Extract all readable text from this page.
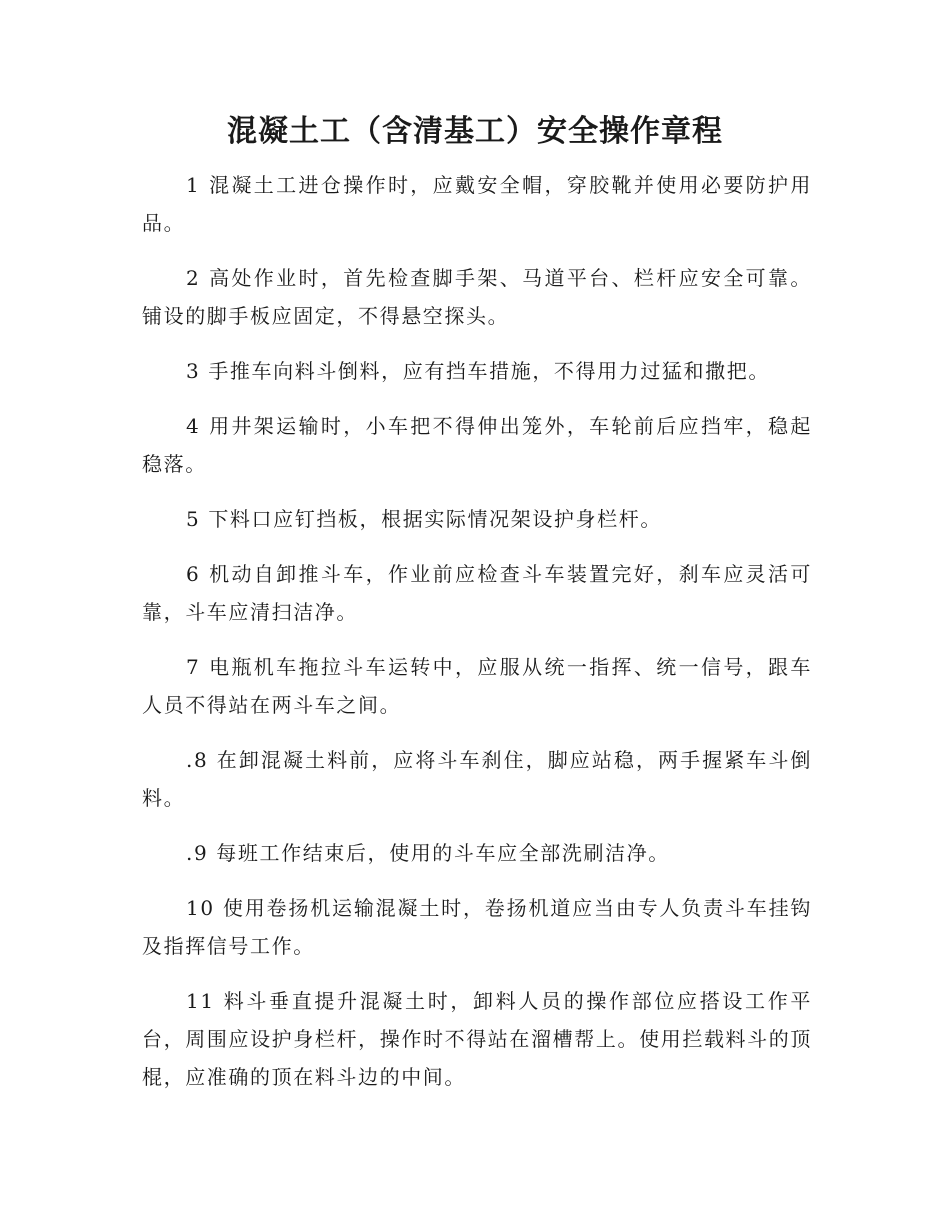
混凝土工（含清基工）安全操作章程

1 混凝土工进仓操作时，应戴安全帽，穿胶靴并使用必要防护用品。

2 高处作业时，首先检查脚手架、马道平台、栏杆应安全可靠。铺设的脚手板应固定，不得悬空探头。

3 手推车向料斗倒料，应有挡车措施，不得用力过猛和撒把。

4 用井架运输时，小车把不得伸出笼外，车轮前后应挡牢，稳起稳落。

5 下料口应钉挡板，根据实际情况架设护身栏杆。

6 机动自卸推斗车，作业前应检查斗车装置完好，刹车应灵活可靠，斗车应清扫洁净。

7 电瓶机车拖拉斗车运转中，应服从统一指挥、统一信号，跟车人员不得站在两斗车之间。

.8 在卸混凝土料前，应将斗车刹住，脚应站稳，两手握紧车斗倒料。

.9 每班工作结束后，使用的斗车应全部洗刷洁净。

10 使用卷扬机运输混凝土时，卷扬机道应当由专人负责斗车挂钩及指挥信号工作。

11 料斗垂直提升混凝土时，卸料人员的操作部位应搭设工作平台，周围应设护身栏杆，操作时不得站在溜槽帮上。使用拦载料斗的顶棍，应准确的顶在料斗边的中间。
